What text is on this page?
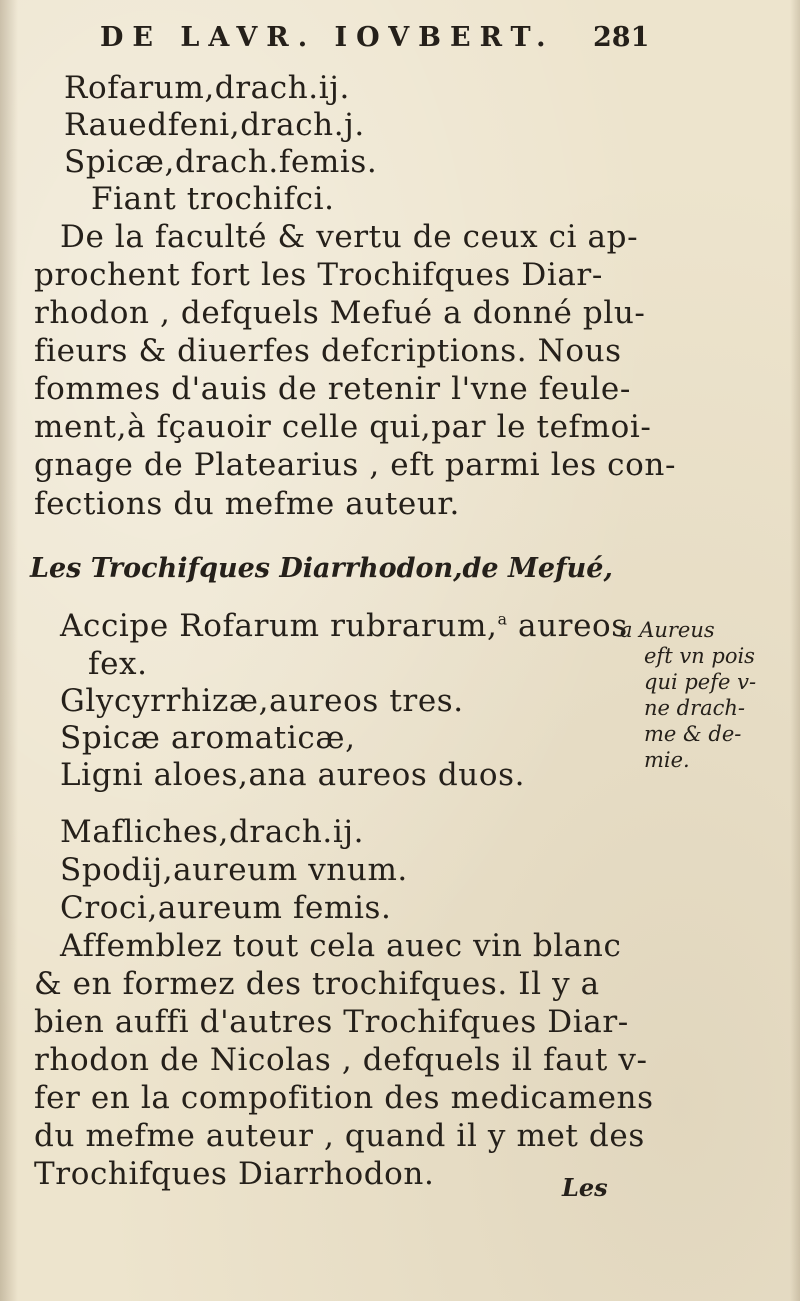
DE LAVR. IOVBERT. 281
Rofarum,drach.ij.
Rauedfeni,drach.j.
Spicæ,drach.femis.
Fiant trochifci.
De la faculté & vertu de ceux ci ap-
prochent fort les Trochifques Diar-
rhodon , defquels Mefué a donné plu-
fieurs & diuerfes defcriptions. Nous
fommes d'auis de retenir l'vne feule-
ment,à fçauoir celle qui,par le tefmoi-
gnage de Platearius , eft parmi les con-
fections du mefme auteur.
Les Trochifques Diarrhodon,de Mefué,
Accipe Rofarum rubrarum,$^a$ aureos
fex.
Glycyrrhizæ,aureos tres.
Spicæ aromaticæ,
Ligni aloes,ana aureos duos.
Mafliches,drach.ij.
Spodij,aureum vnum.
Croci,aureum femis.
Affemblez tout cela auec vin blanc
& en formez des trochifques. Il y a
bien auffi d'autres Trochifques Diar-
rhodon de Nicolas , defquels il faut v-
fer en la compofition des medicamens
du mefme auteur , quand il y met des
Trochifques Diarrhodon.
a Aureus
eft vn pois
qui pefe v-
ne drach-
me & de-
mie.
Les
